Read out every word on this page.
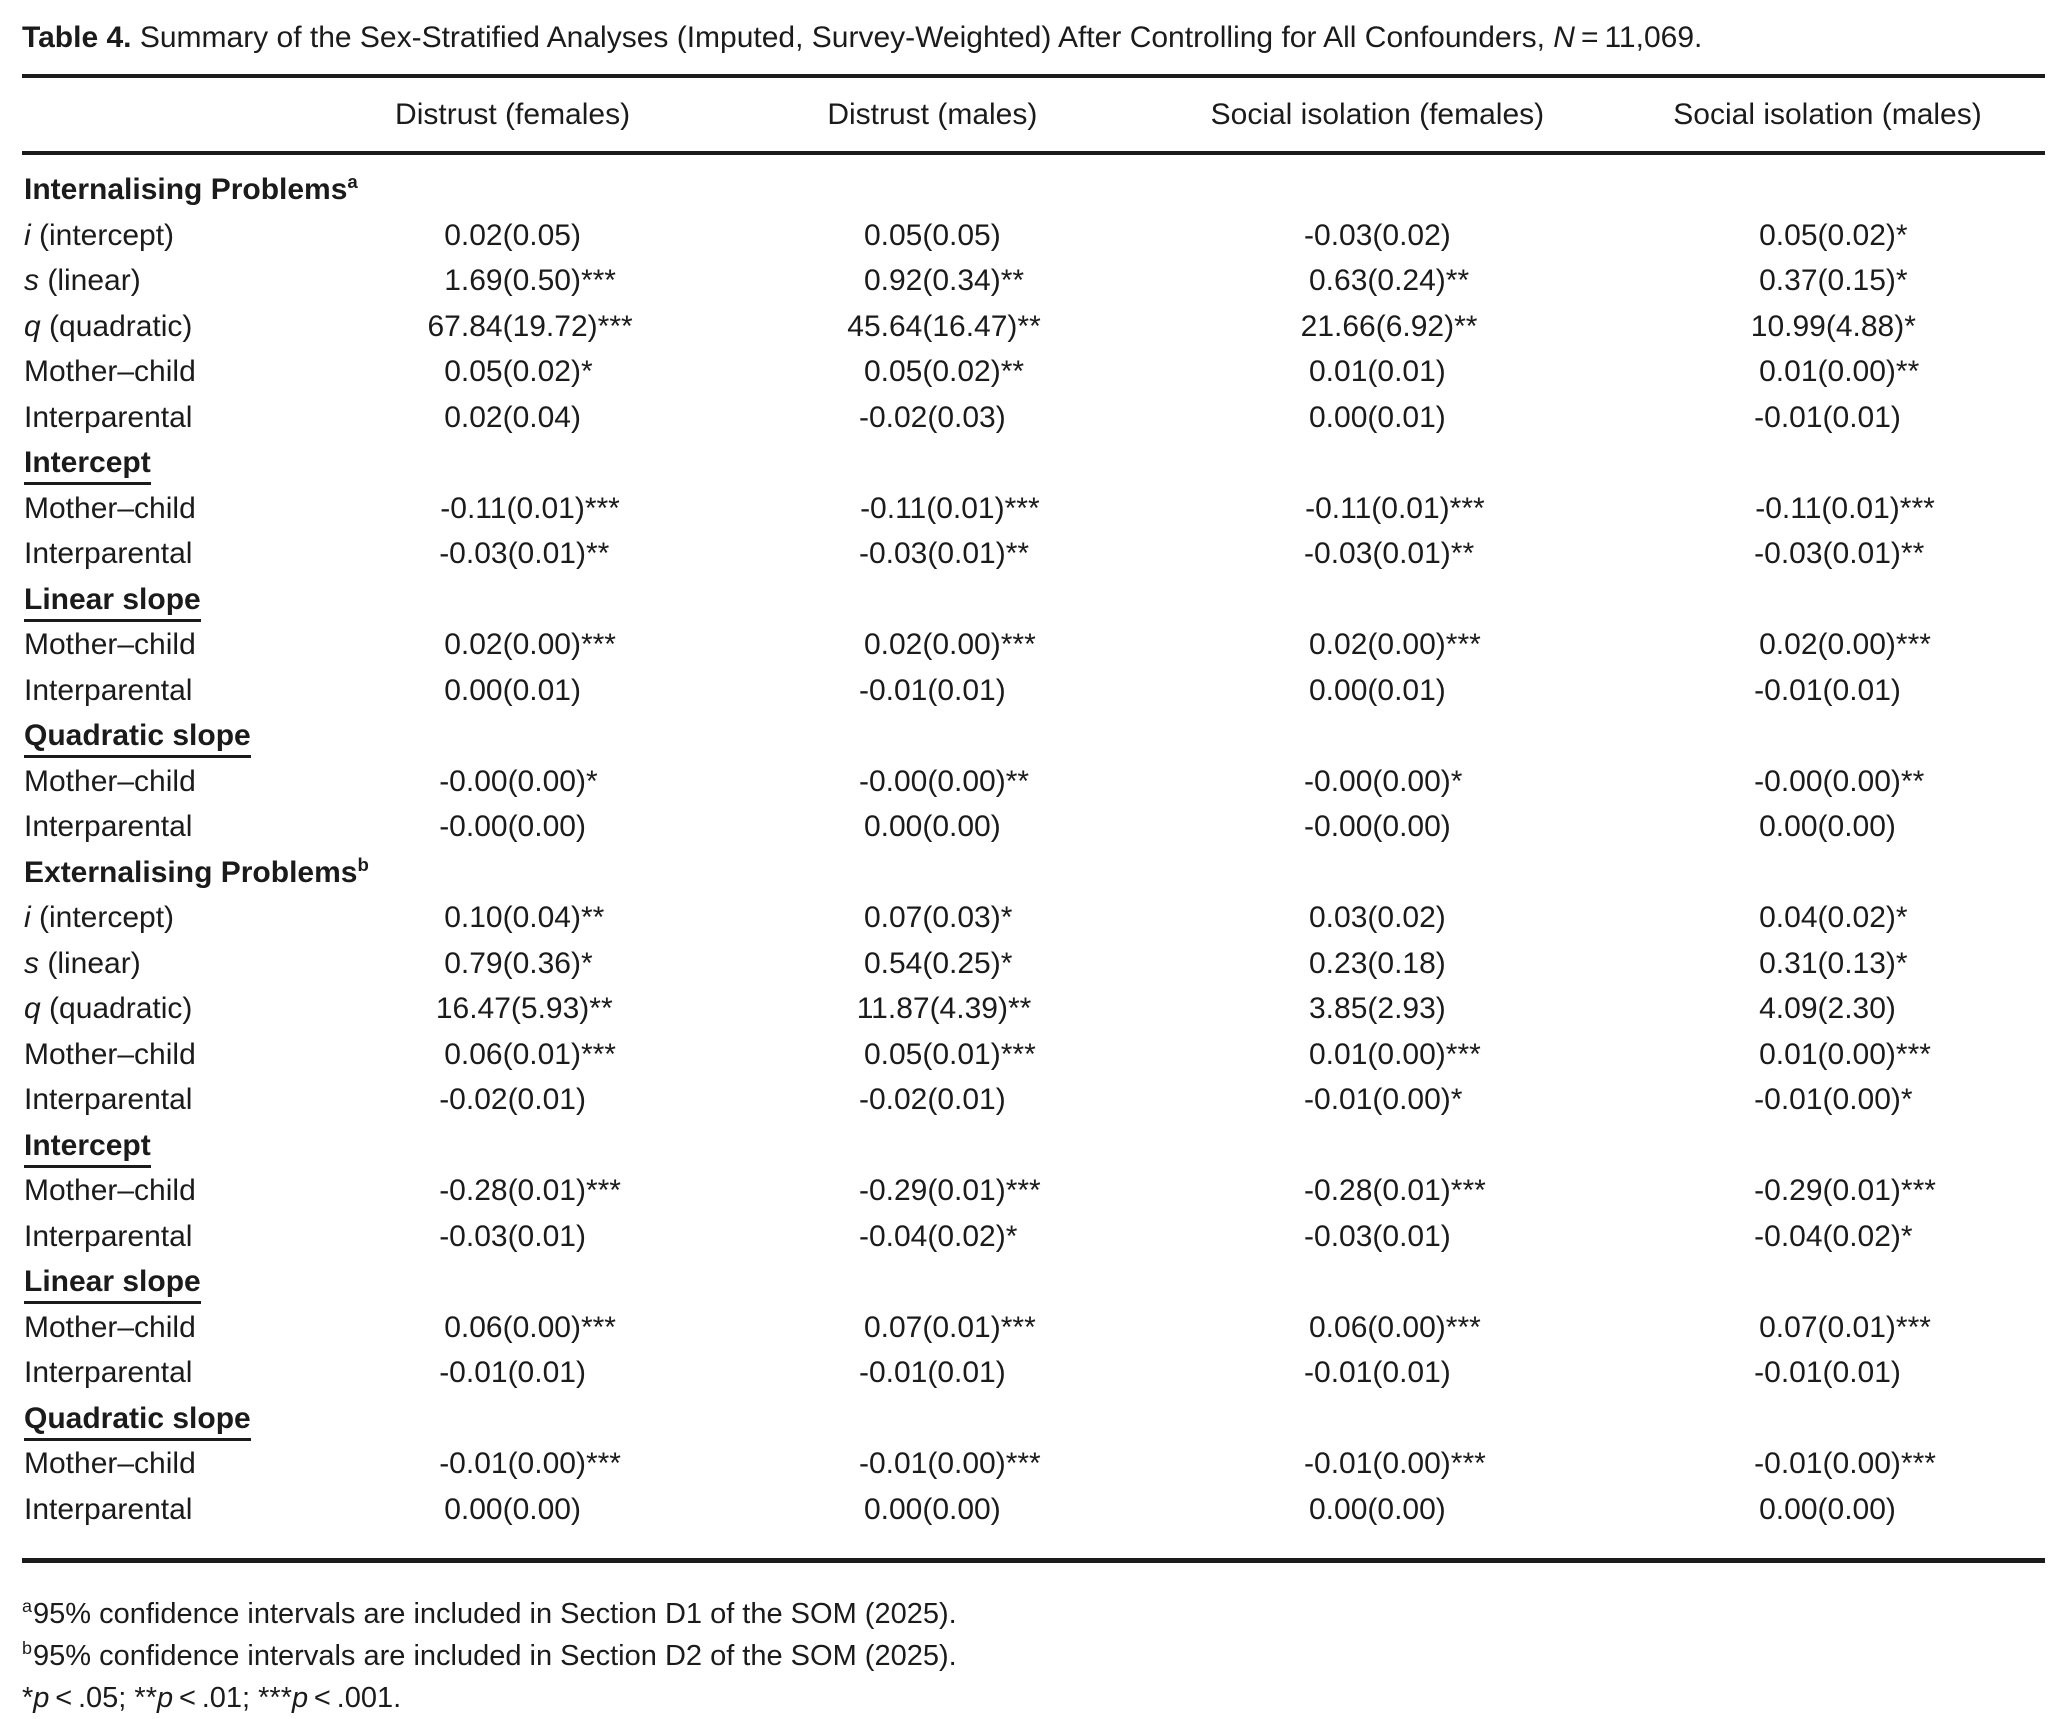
Table 4. Summary of the Sex-Stratified Analyses (Imputed, Survey-Weighted) After Controlling for All Confounders, N = 11,069.
	Distrust (females)	Distrust (males)	Social isolation (females)	Social isolation (males)
Internalising Problems$^a$				
i (intercept)	0.02(0.05)	0.05(0.05)	-0.03(0.02)	0.05(0.02) *

s (linear)	1.69(0.50) ***	0.92(0.34) **	0.63(0.24) **	0.37(0.15) *

q (quadratic)	67.84(19.72) ***	45.64(16.47) **	21.66(6.92) **	10.99(4.88) *

Mother–child	0.05(0.02) *	0.05(0.02) **	0.01(0.01)	0.01(0.00) **

Interparental	0.02(0.04)	-0.02(0.03)	0.00(0.01)	-0.01(0.01)
Intercept				
Mother–child	-0.11(0.01) ***	-0.11(0.01) ***	-0.11(0.01) ***	-0.11(0.01) ***

Interparental	-0.03(0.01) **	-0.03(0.01) **	-0.03(0.01) **	-0.03(0.01) **

Linear slope				
Mother–child	0.02(0.00) ***	0.02(0.00) ***	0.02(0.00) ***	0.02(0.00) ***

Interparental	0.00(0.01)	-0.01(0.01)	0.00(0.01)	-0.01(0.01)
Quadratic slope				
Mother–child	-0.00(0.00) *	-0.00(0.00) **	-0.00(0.00) *	-0.00(0.00) **

Interparental	-0.00(0.00)	0.00(0.00)	-0.00(0.00)	0.00(0.00)
Externalising Problems$^b$				
i (intercept)	0.10(0.04) **	0.07(0.03) *	0.03(0.02)	0.04(0.02) *

s (linear)	0.79(0.36) *	0.54(0.25) *	0.23(0.18)	0.31(0.13) *

q (quadratic)	16.47(5.93) **	11.87(4.39) **	3.85(2.93)	4.09(2.30)
Mother–child	0.06(0.01) ***	0.05(0.01) ***	0.01(0.00) ***	0.01(0.00) ***

Interparental	-0.02(0.01)	-0.02(0.01)	-0.01(0.00) *	-0.01(0.00) *

Intercept				
Mother–child	-0.28(0.01) ***	-0.29(0.01) ***	-0.28(0.01) ***	-0.29(0.01) ***

Interparental	-0.03(0.01)	-0.04(0.02) *	-0.03(0.01)	-0.04(0.02) *

Linear slope				
Mother–child	0.06(0.00) ***	0.07(0.01) ***	0.06(0.00) ***	0.07(0.01) ***

Interparental	-0.01(0.01)	-0.01(0.01)	-0.01(0.01)	-0.01(0.01)
Quadratic slope				
Mother–child	-0.01(0.00) ***	-0.01(0.00) ***	-0.01(0.00) ***	-0.01(0.00) ***

Interparental	0.00(0.00)	0.00(0.00)	0.00(0.00)	0.00(0.00)
$^a$95% confidence intervals are included in Section D1 of the SOM (2025).
$^b$95% confidence intervals are included in Section D2 of the SOM (2025).
*p < .05; **p < .01; ***p < .001.
